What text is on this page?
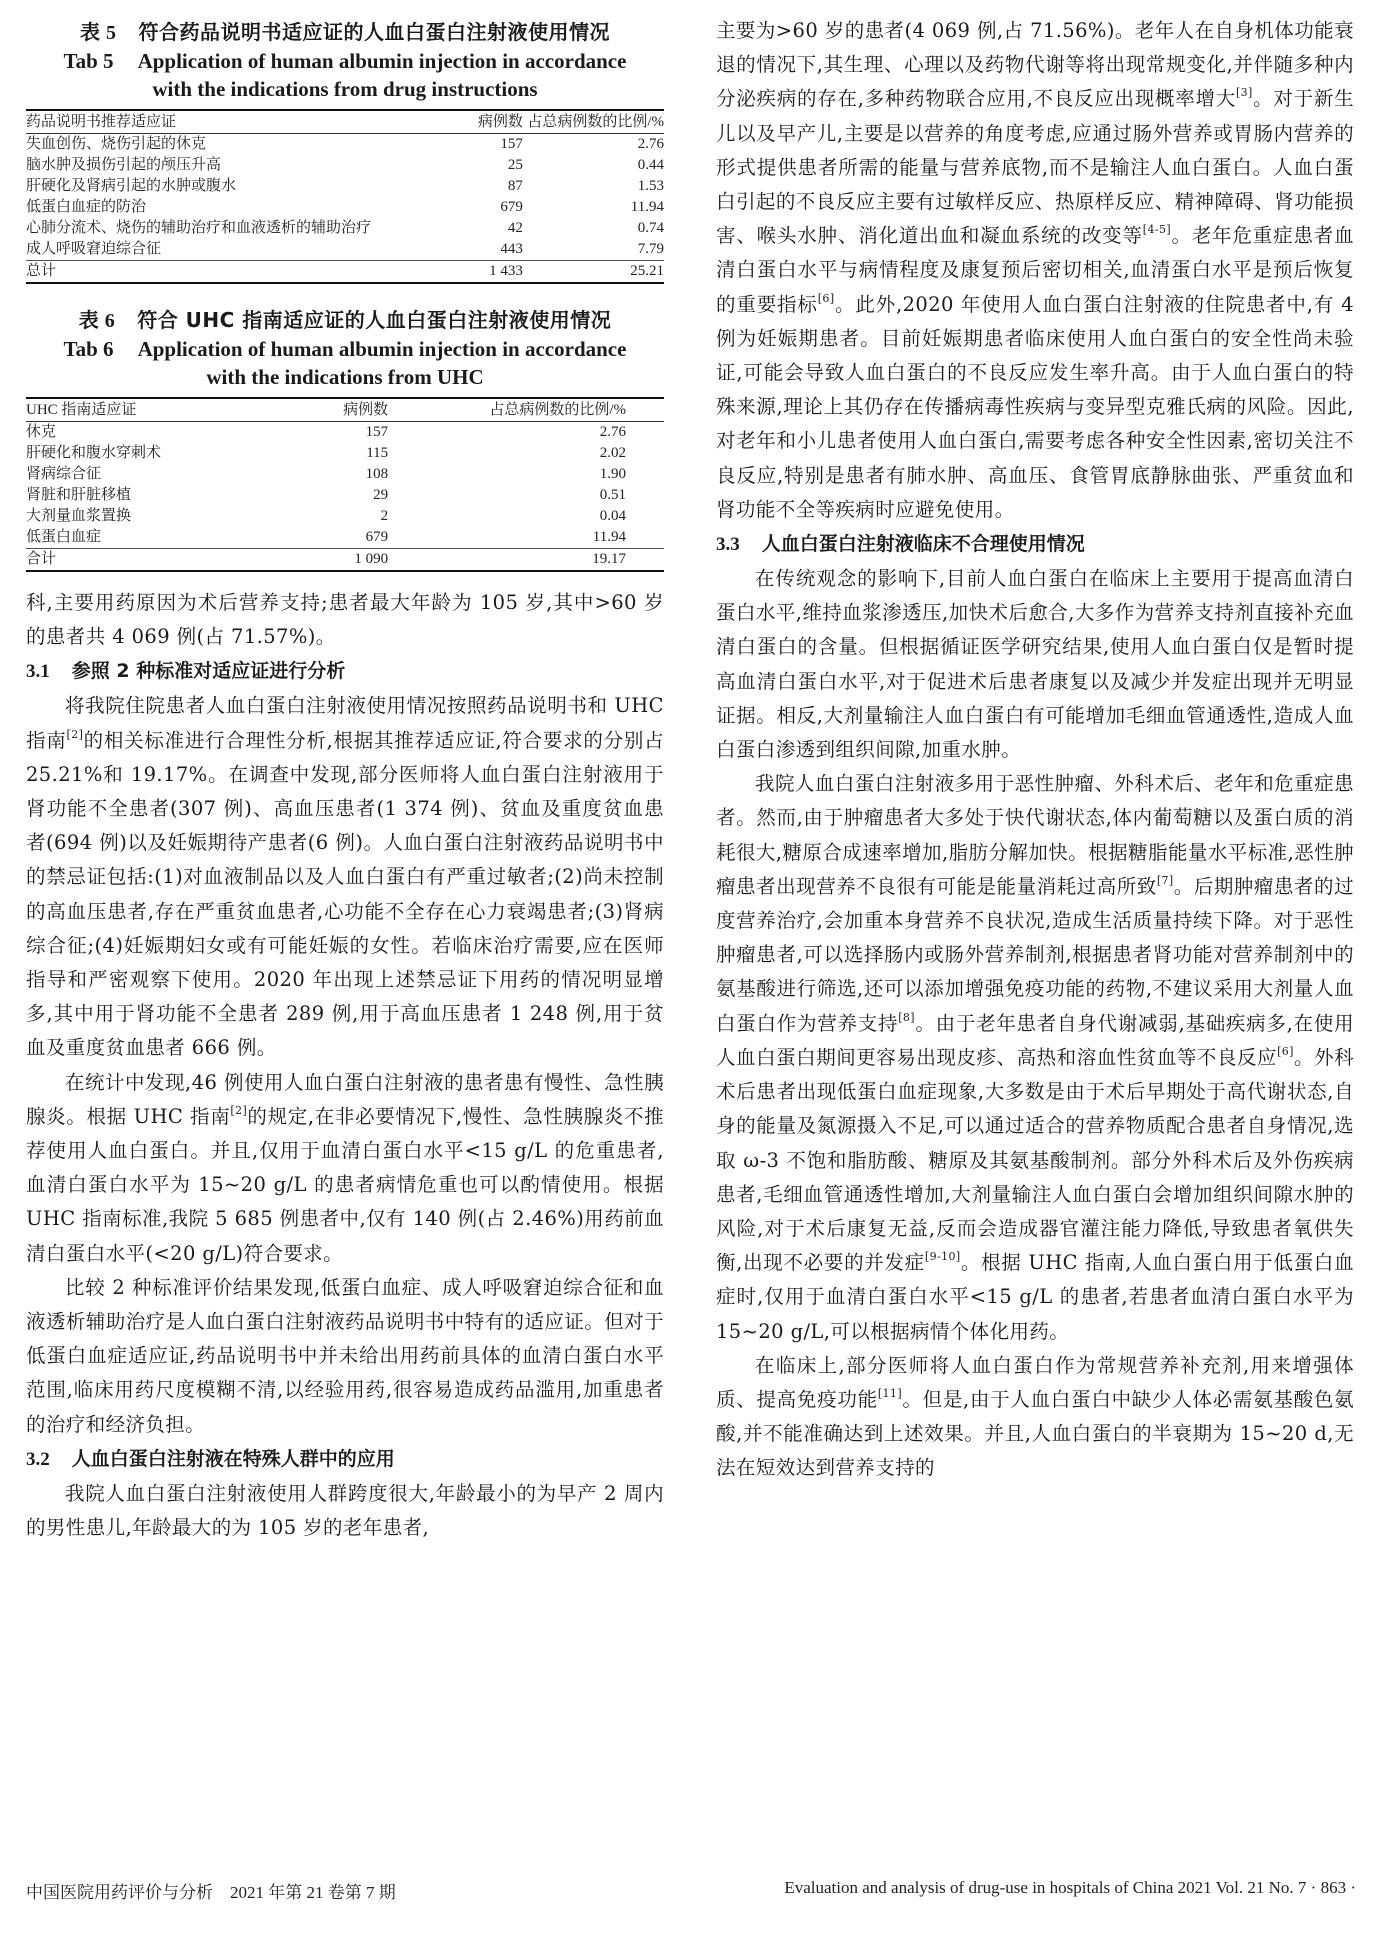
表 5 符合药品说明书适应证的人血白蛋白注射液使用情况
Tab 5 Application of human albumin injection in accordance
with the indications from drug instructions
药品说明书推荐适应证	病例数	占总病例数的比例/%
失血创伤、烧伤引起的休克	157	2.76
脑水肿及损伤引起的颅压升高	25	0.44
肝硬化及肾病引起的水肿或腹水	87	1.53
低蛋白血症的防治	679	11.94
心肺分流术、烧伤的辅助治疗和血液透析的辅助治疗	42	0.74
成人呼吸窘迫综合征	443	7.79
总计	1 433	25.21
表 6 符合 UHC 指南适应证的人血白蛋白注射液使用情况
Tab 6 Application of human albumin injection in accordance
with the indications from UHC
UHC 指南适应证	病例数	占总病例数的比例/%
休克	157	2.76
肝硬化和腹水穿刺术	115	2.02
肾病综合征	108	1.90
肾脏和肝脏移植	29	0.51
大剂量血浆置换	2	0.04
低蛋白血症	679	11.94
合计	1 090	19.17

科,主要用药原因为术后营养支持;患者最大年龄为 105 岁,其中>60 岁的患者共 4 069 例(占 71.57%)。

3.1 参照 2 种标准对适应证进行分析

将我院住院患者人血白蛋白注射液使用情况按照药品说明书和 UHC 指南[2]的相关标准进行合理性分析,根据其推荐适应证,符合要求的分别占 25.21%和 19.17%。在调查中发现,部分医师将人血白蛋白注射液用于肾功能不全患者(307 例)、高血压患者(1 374 例)、贫血及重度贫血患者(694 例)以及妊娠期待产患者(6 例)。人血白蛋白注射液药品说明书中的禁忌证包括:(1)对血液制品以及人血白蛋白有严重过敏者;(2)尚未控制的高血压患者,存在严重贫血患者,心功能不全存在心力衰竭患者;(3)肾病综合征;(4)妊娠期妇女或有可能妊娠的女性。若临床治疗需要,应在医师指导和严密观察下使用。2020 年出现上述禁忌证下用药的情况明显增多,其中用于肾功能不全患者 289 例,用于高血压患者 1 248 例,用于贫血及重度贫血患者 666 例。

在统计中发现,46 例使用人血白蛋白注射液的患者患有慢性、急性胰腺炎。根据 UHC 指南[2]的规定,在非必要情况下,慢性、急性胰腺炎不推荐使用人血白蛋白。并且,仅用于血清白蛋白水平<15 g/L 的危重患者,血清白蛋白水平为 15~20 g/L 的患者病情危重也可以酌情使用。根据 UHC 指南标准,我院 5 685 例患者中,仅有 140 例(占 2.46%)用药前血清白蛋白水平(<20 g/L)符合要求。

比较 2 种标准评价结果发现,低蛋白血症、成人呼吸窘迫综合征和血液透析辅助治疗是人血白蛋白注射液药品说明书中特有的适应证。但对于低蛋白血症适应证,药品说明书中并未给出用药前具体的血清白蛋白水平范围,临床用药尺度模糊不清,以经验用药,很容易造成药品滥用,加重患者的治疗和经济负担。

3.2 人血白蛋白注射液在特殊人群中的应用

我院人血白蛋白注射液使用人群跨度很大,年龄最小的为早产 2 周内的男性患儿,年龄最大的为 105 岁的老年患者,

主要为>60 岁的患者(4 069 例,占 71.56%)。老年人在自身机体功能衰退的情况下,其生理、心理以及药物代谢等将出现常规变化,并伴随多种内分泌疾病的存在,多种药物联合应用,不良反应出现概率增大[3]。对于新生儿以及早产儿,主要是以营养的角度考虑,应通过肠外营养或胃肠内营养的形式提供患者所需的能量与营养底物,而不是输注人血白蛋白。人血白蛋白引起的不良反应主要有过敏样反应、热原样反应、精神障碍、肾功能损害、喉头水肿、消化道出血和凝血系统的改变等[4-5]。老年危重症患者血清白蛋白水平与病情程度及康复预后密切相关,血清蛋白水平是预后恢复的重要指标[6]。此外,2020 年使用人血白蛋白注射液的住院患者中,有 4 例为妊娠期患者。目前妊娠期患者临床使用人血白蛋白的安全性尚未验证,可能会导致人血白蛋白的不良反应发生率升高。由于人血白蛋白的特殊来源,理论上其仍存在传播病毒性疾病与变异型克雅氏病的风险。因此,对老年和小儿患者使用人血白蛋白,需要考虑各种安全性因素,密切关注不良反应,特别是患者有肺水肿、高血压、食管胃底静脉曲张、严重贫血和肾功能不全等疾病时应避免使用。

3.3 人血白蛋白注射液临床不合理使用情况

在传统观念的影响下,目前人血白蛋白在临床上主要用于提高血清白蛋白水平,维持血浆渗透压,加快术后愈合,大多作为营养支持剂直接补充血清白蛋白的含量。但根据循证医学研究结果,使用人血白蛋白仅是暂时提高血清白蛋白水平,对于促进术后患者康复以及减少并发症出现并无明显证据。相反,大剂量输注人血白蛋白有可能增加毛细血管通透性,造成人血白蛋白渗透到组织间隙,加重水肿。

我院人血白蛋白注射液多用于恶性肿瘤、外科术后、老年和危重症患者。然而,由于肿瘤患者大多处于快代谢状态,体内葡萄糖以及蛋白质的消耗很大,糖原合成速率增加,脂肪分解加快。根据糖脂能量水平标准,恶性肿瘤患者出现营养不良很有可能是能量消耗过高所致[7]。后期肿瘤患者的过度营养治疗,会加重本身营养不良状况,造成生活质量持续下降。对于恶性肿瘤患者,可以选择肠内或肠外营养制剂,根据患者肾功能对营养制剂中的氨基酸进行筛选,还可以添加增强免疫功能的药物,不建议采用大剂量人血白蛋白作为营养支持[8]。由于老年患者自身代谢减弱,基础疾病多,在使用人血白蛋白期间更容易出现皮疹、高热和溶血性贫血等不良反应[6]。外科术后患者出现低蛋白血症现象,大多数是由于术后早期处于高代谢状态,自身的能量及氮源摄入不足,可以通过适合的营养物质配合患者自身情况,选取 ω-3 不饱和脂肪酸、糖原及其氨基酸制剂。部分外科术后及外伤疾病患者,毛细血管通透性增加,大剂量输注人血白蛋白会增加组织间隙水肿的风险,对于术后康复无益,反而会造成器官灌注能力降低,导致患者氧供失衡,出现不必要的并发症[9-10]。根据 UHC 指南,人血白蛋白用于低蛋白血症时,仅用于血清白蛋白水平<15 g/L 的患者,若患者血清白蛋白水平为 15~20 g/L,可以根据病情个体化用药。

在临床上,部分医师将人血白蛋白作为常规营养补充剂,用来增强体质、提高免疫功能[11]。但是,由于人血白蛋白中缺少人体必需氨基酸色氨酸,并不能准确达到上述效果。并且,人血白蛋白的半衰期为 15~20 d,无法在短效达到营养支持的

中国医院用药评价与分析　2021 年第 21 卷第 7 期	Evaluation and analysis of drug-use in hospitals of China 2021 Vol. 21 No. 7 · 863 ·
